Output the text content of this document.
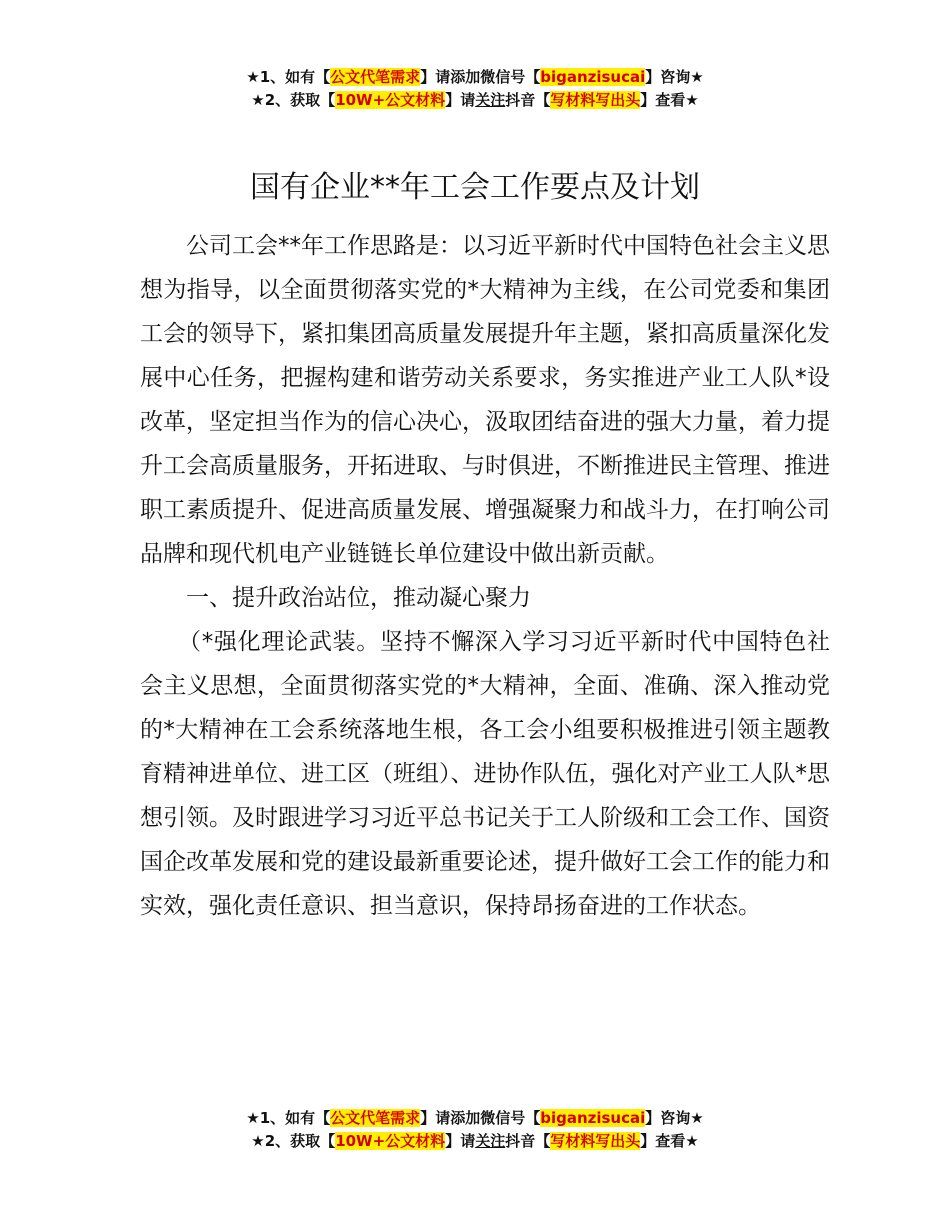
★1、如有【公文代笔需求】请添加微信号【biganzisucai】咨询★
★2、获取【10W+公文材料】请关注抖音【写材料写出头】查看★
国有企业**年工会工作要点及计划

公司工会**年工作思路是：以习近平新时代中国特色社会主义思想为指导，以全面贯彻落实党的*大精神为主线，在公司党委和集团工会的领导下，紧扣集团高质量发展提升年主题，紧扣高质量深化发展中心任务，把握构建和谐劳动关系要求，务实推进产业工人队*设改革，坚定担当作为的信心决心，汲取团结奋进的强大力量，着力提升工会高质量服务，开拓进取、与时俱进，不断推进民主管理、推进职工素质提升、促进高质量发展、增强凝聚力和战斗力，在打响公司品牌和现代机电产业链链长单位建设中做出新贡献。

一、提升政治站位，推动凝心聚力

（*强化理论武装。坚持不懈深入学习习近平新时代中国特色社会主义思想，全面贯彻落实党的*大精神，全面、准确、深入推动党的*大精神在工会系统落地生根，各工会小组要积极推进引领主题教育精神进单位、进工区（班组）、进协作队伍，强化对产业工人队*思想引领。及时跟进学习习近平总书记关于工人阶级和工会工作、国资国企改革发展和党的建设最新重要论述，提升做好工会工作的能力和实效，强化责任意识、担当意识，保持昂扬奋进的工作状态。

★1、如有【公文代笔需求】请添加微信号【biganzisucai】咨询★
★2、获取【10W+公文材料】请关注抖音【写材料写出头】查看★
